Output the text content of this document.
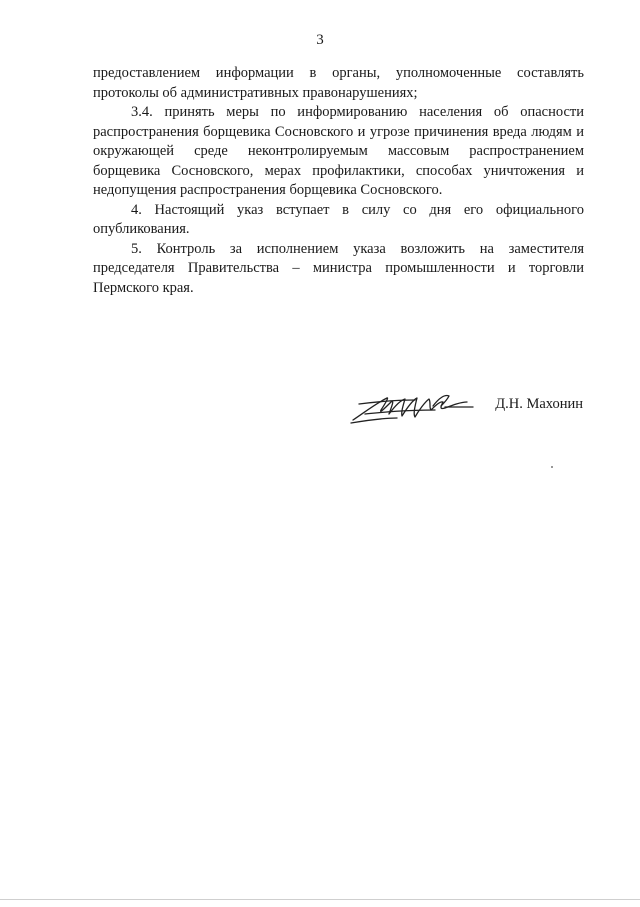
3

предоставлением информации в органы, уполномоченные составлять протоколы об административных правонарушениях;

3.4. принять меры по информированию населения об опасности распространения борщевика Сосновского и угрозе причинения вреда людям и окружающей среде неконтролируемым массовым распространением борщевика Сосновского, мерах профилактики, способах уничтожения и недопущения распространения борщевика Сосновского.

4. Настоящий указ вступает в силу со дня его официального опубликования.

5. Контроль за исполнением указа возложить на заместителя председателя Правительства – министра промышленности и торговли Пермского края.

Д.Н. Махонин
